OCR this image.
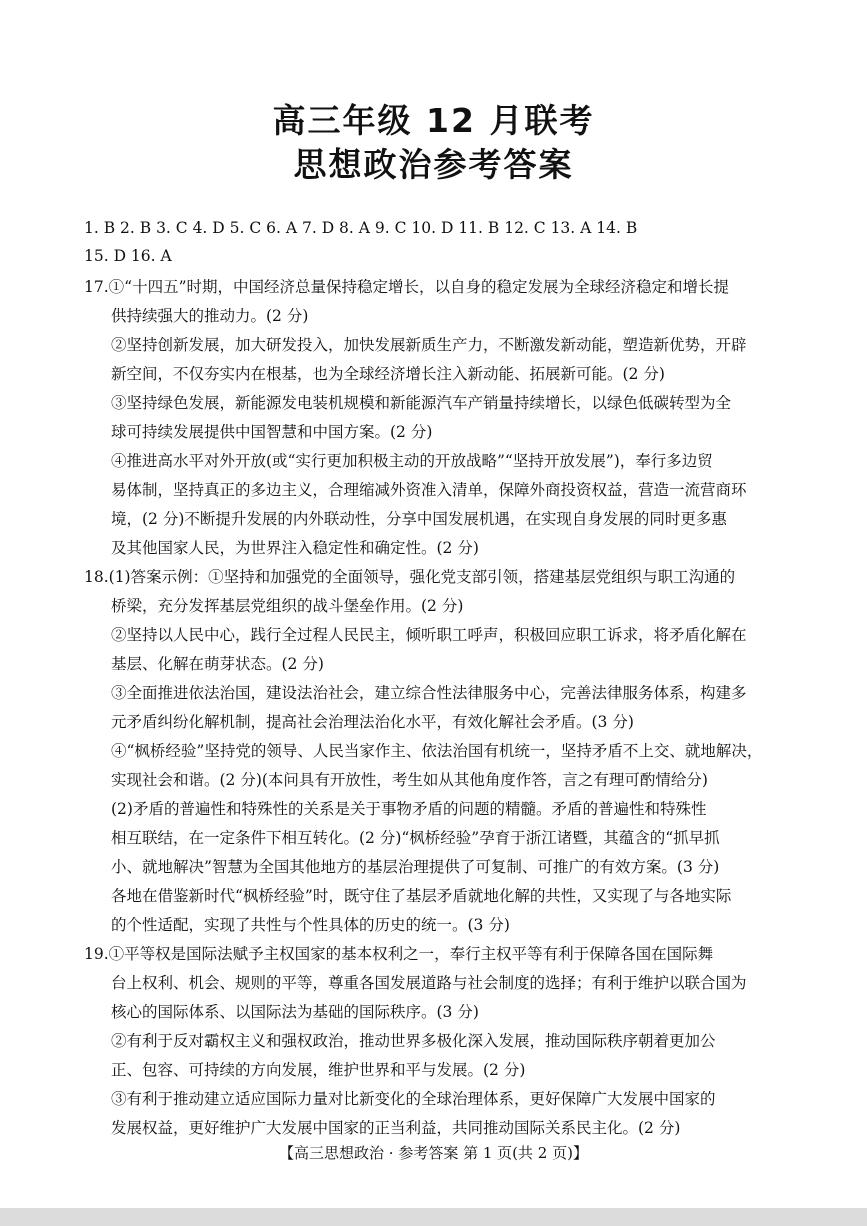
高三年级 12 月联考
思想政治参考答案

1. B 2. B 3. C 4. D 5. C 6. A 7. D 8. A 9. C 10. D 11. B 12. C 13. A 14. B

15. D 16. A

17.①“十四五”时期，中国经济总量保持稳定增长，以自身的稳定发展为全球经济稳定和增长提

供持续强大的推动力。(2 分)

②坚持创新发展，加大研发投入，加快发展新质生产力，不断激发新动能，塑造新优势，开辟

新空间，不仅夯实内在根基，也为全球经济增长注入新动能、拓展新可能。(2 分)

③坚持绿色发展，新能源发电装机规模和新能源汽车产销量持续增长，以绿色低碳转型为全

球可持续发展提供中国智慧和中国方案。(2 分)

④推进高水平对外开放(或“实行更加积极主动的开放战略”“坚持开放发展”)，奉行多边贸

易体制，坚持真正的多边主义，合理缩减外资准入清单，保障外商投资权益，营造一流营商环

境，(2 分)不断提升发展的内外联动性，分享中国发展机遇，在实现自身发展的同时更多惠

及其他国家人民，为世界注入稳定性和确定性。(2 分)

18.(1)答案示例：①坚持和加强党的全面领导，强化党支部引领，搭建基层党组织与职工沟通的

桥梁，充分发挥基层党组织的战斗堡垒作用。(2 分)

②坚持以人民中心，践行全过程人民民主，倾听职工呼声，积极回应职工诉求，将矛盾化解在

基层、化解在萌芽状态。(2 分)

③全面推进依法治国，建设法治社会，建立综合性法律服务中心，完善法律服务体系，构建多

元矛盾纠纷化解机制，提高社会治理法治化水平，有效化解社会矛盾。(3 分)

④“枫桥经验”坚持党的领导、人民当家作主、依法治国有机统一，坚持矛盾不上交、就地解决，

实现社会和谐。(2 分)(本问具有开放性，考生如从其他角度作答，言之有理可酌情给分)

(2)矛盾的普遍性和特殊性的关系是关于事物矛盾的问题的精髓。矛盾的普遍性和特殊性

相互联结，在一定条件下相互转化。(2 分)“枫桥经验”孕育于浙江诸暨，其蕴含的“抓早抓

小、就地解决”智慧为全国其他地方的基层治理提供了可复制、可推广的有效方案。(3 分)

各地在借鉴新时代“枫桥经验”时，既守住了基层矛盾就地化解的共性，又实现了与各地实际

的个性适配，实现了共性与个性具体的历史的统一。(3 分)

19.①平等权是国际法赋予主权国家的基本权利之一，奉行主权平等有利于保障各国在国际舞

台上权利、机会、规则的平等，尊重各国发展道路与社会制度的选择；有利于维护以联合国为

核心的国际体系、以国际法为基础的国际秩序。(3 分)

②有利于反对霸权主义和强权政治，推动世界多极化深入发展，推动国际秩序朝着更加公

正、包容、可持续的方向发展，维护世界和平与发展。(2 分)

③有利于推动建立适应国际力量对比新变化的全球治理体系，更好保障广大发展中国家的

发展权益，更好维护广大发展中国家的正当利益，共同推动国际关系民主化。(2 分)

【高三思想政治 · 参考答案 第 1 页(共 2 页)】
